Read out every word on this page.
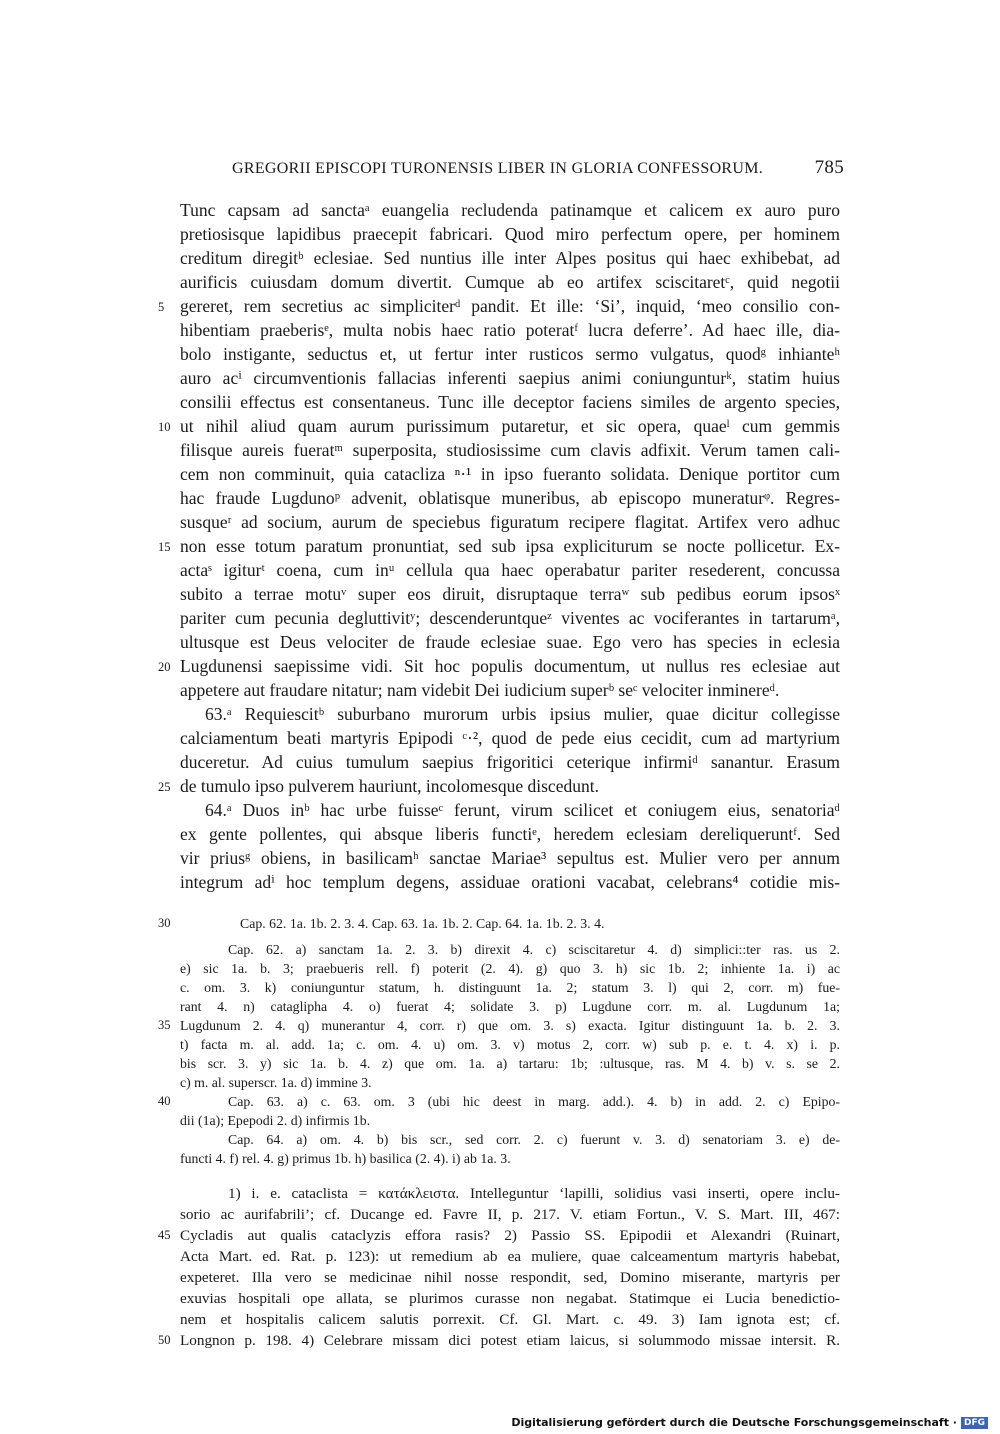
GREGORII EPISCOPI TURONENSIS LIBER IN GLORIA CONFESSORUM.	785
Tunc capsam ad sanctaᵃ euangelia recludenda patinamque et calicem ex auro puro
pretiosisque lapidibus praecepit fabricari. Quod miro perfectum opere, per hominem
creditum diregitᵇ eclesiae. Sed nuntius ille inter Alpes positus qui haec exhibebat, ad
aurificis cuiusdam domum divertit. Cumque ab eo artifex sciscitaretᶜ, quid negotii
gereret, rem secretius ac simpliciterᵈ pandit. Et ille: ‘Si’, inquid, ‘meo consilio con-
hibentiam praeberisᵉ, multa nobis haec ratio poteratᶠ lucra deferre’. Ad haec ille, dia-
bolo instigante, seductus et, ut fertur inter rusticos sermo vulgatus, quodᵍ inhianteʰ
auro acⁱ circumventionis fallacias inferenti saepius animi coniungunturᵏ, statim huius
consilii effectus est consentaneus. Tunc ille deceptor faciens similes de argento species,
ut nihil aliud quam aurum purissimum putaretur, et sic opera, quaeˡ cum gemmis
filisque aureis fueratᵐ superposita, studiosissime cum clavis adfixit. Verum tamen cali-
cem non comminuit, quia catacliza ⁿ·¹ in ipso fueranto solidata. Denique portitor cum
hac fraude Lugdunoᵖ advenit, oblatisque muneribus, ab episcopo muneraturᵠ. Regres-
susqueʳ ad socium, aurum de speciebus figuratum recipere flagitat. Artifex vero adhuc
non esse totum paratum pronuntiat, sed sub ipsa expliciturum se nocte pollicetur. Ex-
actaˢ igiturᵗ coena, cum inᵘ cellula qua haec operabatur pariter resederent, concussa
subito a terrae motuᵛ super eos diruit, disruptaque terraʷ sub pedibus eorum ipsosˣ
pariter cum pecunia degluttivitʸ; descenderuntqueᶻ viventes ac vociferantes in tartarumᵃ,
ultusque est Deus velociter de fraude eclesiae suae. Ego vero has species in eclesia
Lugdunensi saepissime vidi. Sit hoc populis documentum, ut nullus res eclesiae aut
appetere aut fraudare nitatur; nam videbit Dei iudicium superᵇ seᶜ velociter inminereᵈ.
63.ᵃ Requiescitᵇ suburbano murorum urbis ipsius mulier, quae dicitur collegisse
calciamentum beati martyris Epipodi ᶜ·², quod de pede eius cecidit, cum ad martyrium
duceretur. Ad cuius tumulum saepius frigoritici ceterique infirmiᵈ sanantur. Erasum
de tumulo ipso pulverem hauriunt, incolomesque discedunt.
64.ᵃ Duos inᵇ hac urbe fuisseᶜ ferunt, virum scilicet et coniugem eius, senatoriaᵈ
ex gente pollentes, qui absque liberis functiᵉ, heredem eclesiam dereliqueruntᶠ. Sed
vir priusᵍ obiens, in basilicamʰ sanctae Mariae³ sepultus est. Mulier vero per annum
integrum adⁱ hoc templum degens, assiduae orationi vacabat, celebrans⁴ cotidie mis-
Cap. 62. 1a. 1b. 2. 3. 4. Cap. 63. 1a. 1b. 2. Cap. 64. 1a. 1b. 2. 3. 4.
Cap. 62. a) sanctam 1a. 2. 3. b) direxit 4. c) sciscitaretur 4. d) simplici::ter ras. us 2.
e) sic 1a. b. 3; praebueris rell. f) poterit (2. 4). g) quo 3. h) sic 1b. 2; inhiente 1a. i) ac
c. om. 3. k) coniunguntur statum, h. distinguunt 1a. 2; statum 3. l) qui 2, corr. m) fue-
rant 4. n) cataglipha 4. o) fuerat 4; solidate 3. p) Lugdune corr. m. al. Lugdunum 1a;
Lugdunum 2. 4. q) munerantur 4, corr. r) que om. 3. s) exacta. Igitur distinguunt 1a. b. 2. 3.
t) facta m. al. add. 1a; c. om. 4. u) om. 3. v) motus 2, corr. w) sub p. e. t. 4. x) i. p.
bis scr. 3. y) sic 1a. b. 4. z) que om. 1a. a) tartaru: 1b; :ultusque, ras. M 4. b) v. s. se 2.
c) m. al. superscr. 1a. d) immine 3.
Cap. 63. a) c. 63. om. 3 (ubi hic deest in marg. add.). 4. b) in add. 2. c) Epipo-
dii (1a); Epepodi 2. d) infirmis 1b.
Cap. 64. a) om. 4. b) bis scr., sed corr. 2. c) fuerunt v. 3. d) senatoriam 3. e) de-
functi 4. f) rel. 4. g) primus 1b. h) basilica (2. 4). i) ab 1a. 3.
1) i. e. cataclista = κατάκλειστα. Intelleguntur ‘lapilli, solidius vasi inserti, opere inclu-
sorio ac aurifabrili’; cf. Ducange ed. Favre II, p. 217. V. etiam Fortun., V. S. Mart. III, 467:
Cycladis aut qualis cataclyzis effora rasis? 2) Passio SS. Epipodii et Alexandri (Ruinart,
Acta Mart. ed. Rat. p. 123): ut remedium ab ea muliere, quae calceamentum martyris habebat,
expeteret. Illa vero se medicinae nihil nosse respondit, sed, Domino miserante, martyris per
exuvias hospitali ope allata, se plurimos curasse non negabat. Statimque ei Lucia benedictio-
nem et hospitalis calicem salutis porrexit. Cf. Gl. Mart. c. 49. 3) Iam ignota est; cf.
Longnon p. 198. 4) Celebrare missam dici potest etiam laicus, si solummodo missae intersit. R.
5
10
15
20
25
30
35
40
45
50
Digitalisierung gefördert durch die Deutsche Forschungsgemeinschaft · DFG
